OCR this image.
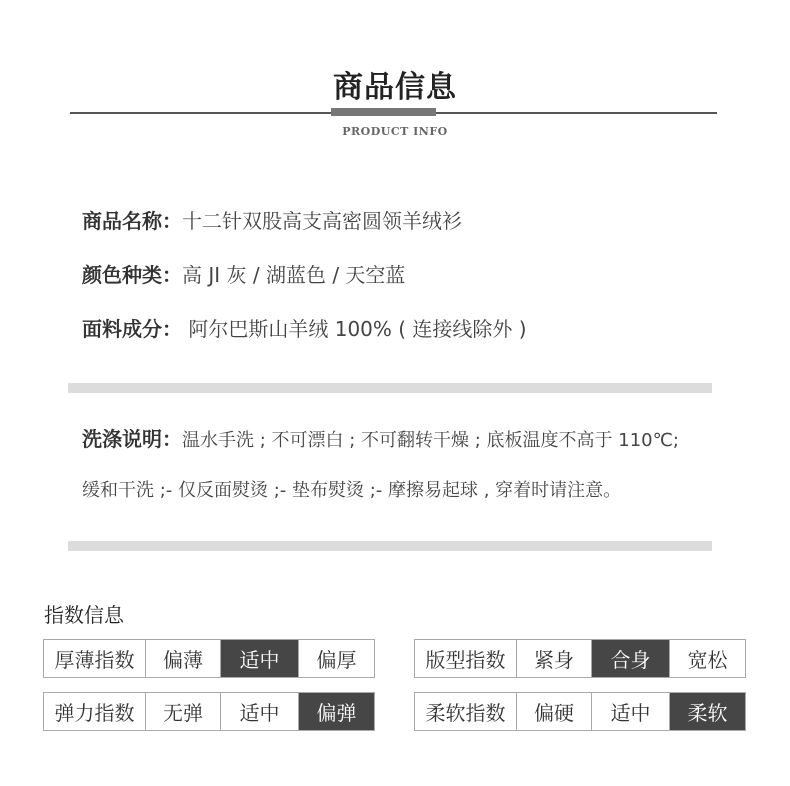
商品信息
PRODUCT INFO
商品名称：十二针双股高支高密圆领羊绒衫
颜色种类：高 JI 灰 / 湖蓝色 / 天空蓝
面料成分： 阿尔巴斯山羊绒 100% ( 连接线除外 )
洗涤说明：温水手洗 ; 不可漂白 ; 不可翻转干燥 ; 底板温度不高于 110℃;
缓和干洗 ;- 仅反面熨烫 ;- 垫布熨烫 ;- 摩擦易起球 , 穿着时请注意。
指数信息
厚薄指数	偏薄	适中	偏厚	版型指数	紧身	合身	宽松
弹力指数	无弹	适中	偏弹	柔软指数	偏硬	适中	柔软
